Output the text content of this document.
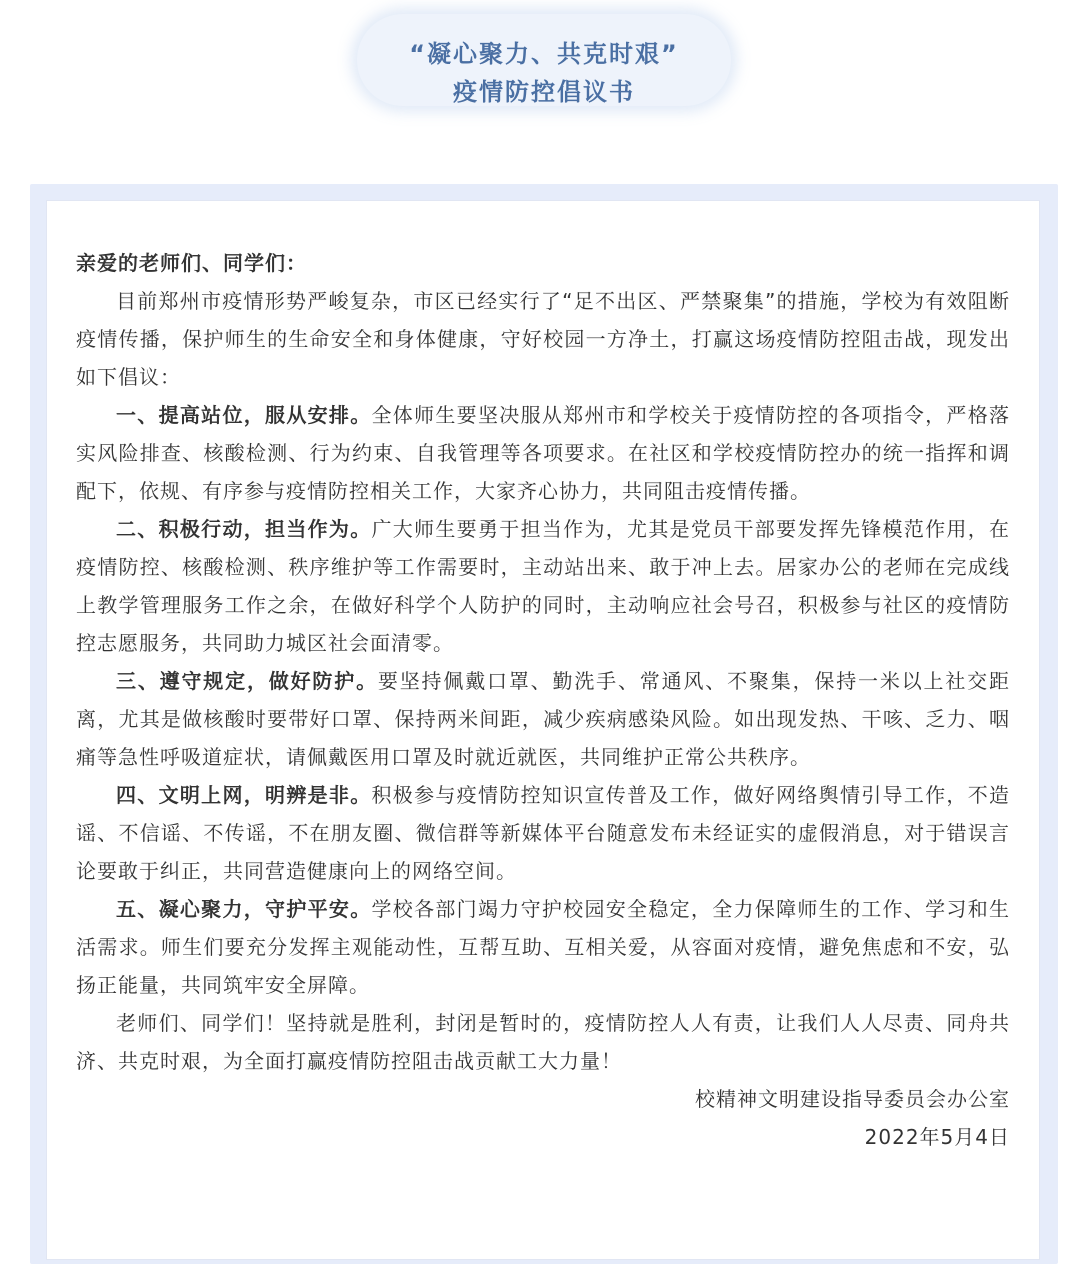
“凝心聚力、共克时艰”
疫情防控倡议书

亲爱的老师们、同学们：

目前郑州市疫情形势严峻复杂，市区已经实行了“足不出区、严禁聚集”的措施，学校为有效阻断疫情传播，保护师生的生命安全和身体健康，守好校园一方净土，打赢这场疫情防控阻击战，现发出如下倡议：

一、提高站位，服从安排。全体师生要坚决服从郑州市和学校关于疫情防控的各项指令，严格落实风险排查、核酸检测、行为约束、自我管理等各项要求。在社区和学校疫情防控办的统一指挥和调配下，依规、有序参与疫情防控相关工作，大家齐心协力，共同阻击疫情传播。

二、积极行动，担当作为。广大师生要勇于担当作为，尤其是党员干部要发挥先锋模范作用，在疫情防控、核酸检测、秩序维护等工作需要时，主动站出来、敢于冲上去。居家办公的老师在完成线上教学管理服务工作之余，在做好科学个人防护的同时，主动响应社会号召，积极参与社区的疫情防控志愿服务，共同助力城区社会面清零。

三、遵守规定，做好防护。要坚持佩戴口罩、勤洗手、常通风、不聚集，保持一米以上社交距离，尤其是做核酸时要带好口罩、保持两米间距，减少疾病感染风险。如出现发热、干咳、乏力、咽痛等急性呼吸道症状，请佩戴医用口罩及时就近就医，共同维护正常公共秩序。

四、文明上网，明辨是非。积极参与疫情防控知识宣传普及工作，做好网络舆情引导工作，不造谣、不信谣、不传谣，不在朋友圈、微信群等新媒体平台随意发布未经证实的虚假消息，对于错误言论要敢于纠正，共同营造健康向上的网络空间。

五、凝心聚力，守护平安。学校各部门竭力守护校园安全稳定，全力保障师生的工作、学习和生活需求。师生们要充分发挥主观能动性，互帮互助、互相关爱，从容面对疫情，避免焦虑和不安，弘扬正能量，共同筑牢安全屏障。

老师们、同学们！坚持就是胜利，封闭是暂时的，疫情防控人人有责，让我们人人尽责、同舟共济、共克时艰，为全面打赢疫情防控阻击战贡献工大力量！

校精神文明建设指导委员会办公室

2022年5月4日
